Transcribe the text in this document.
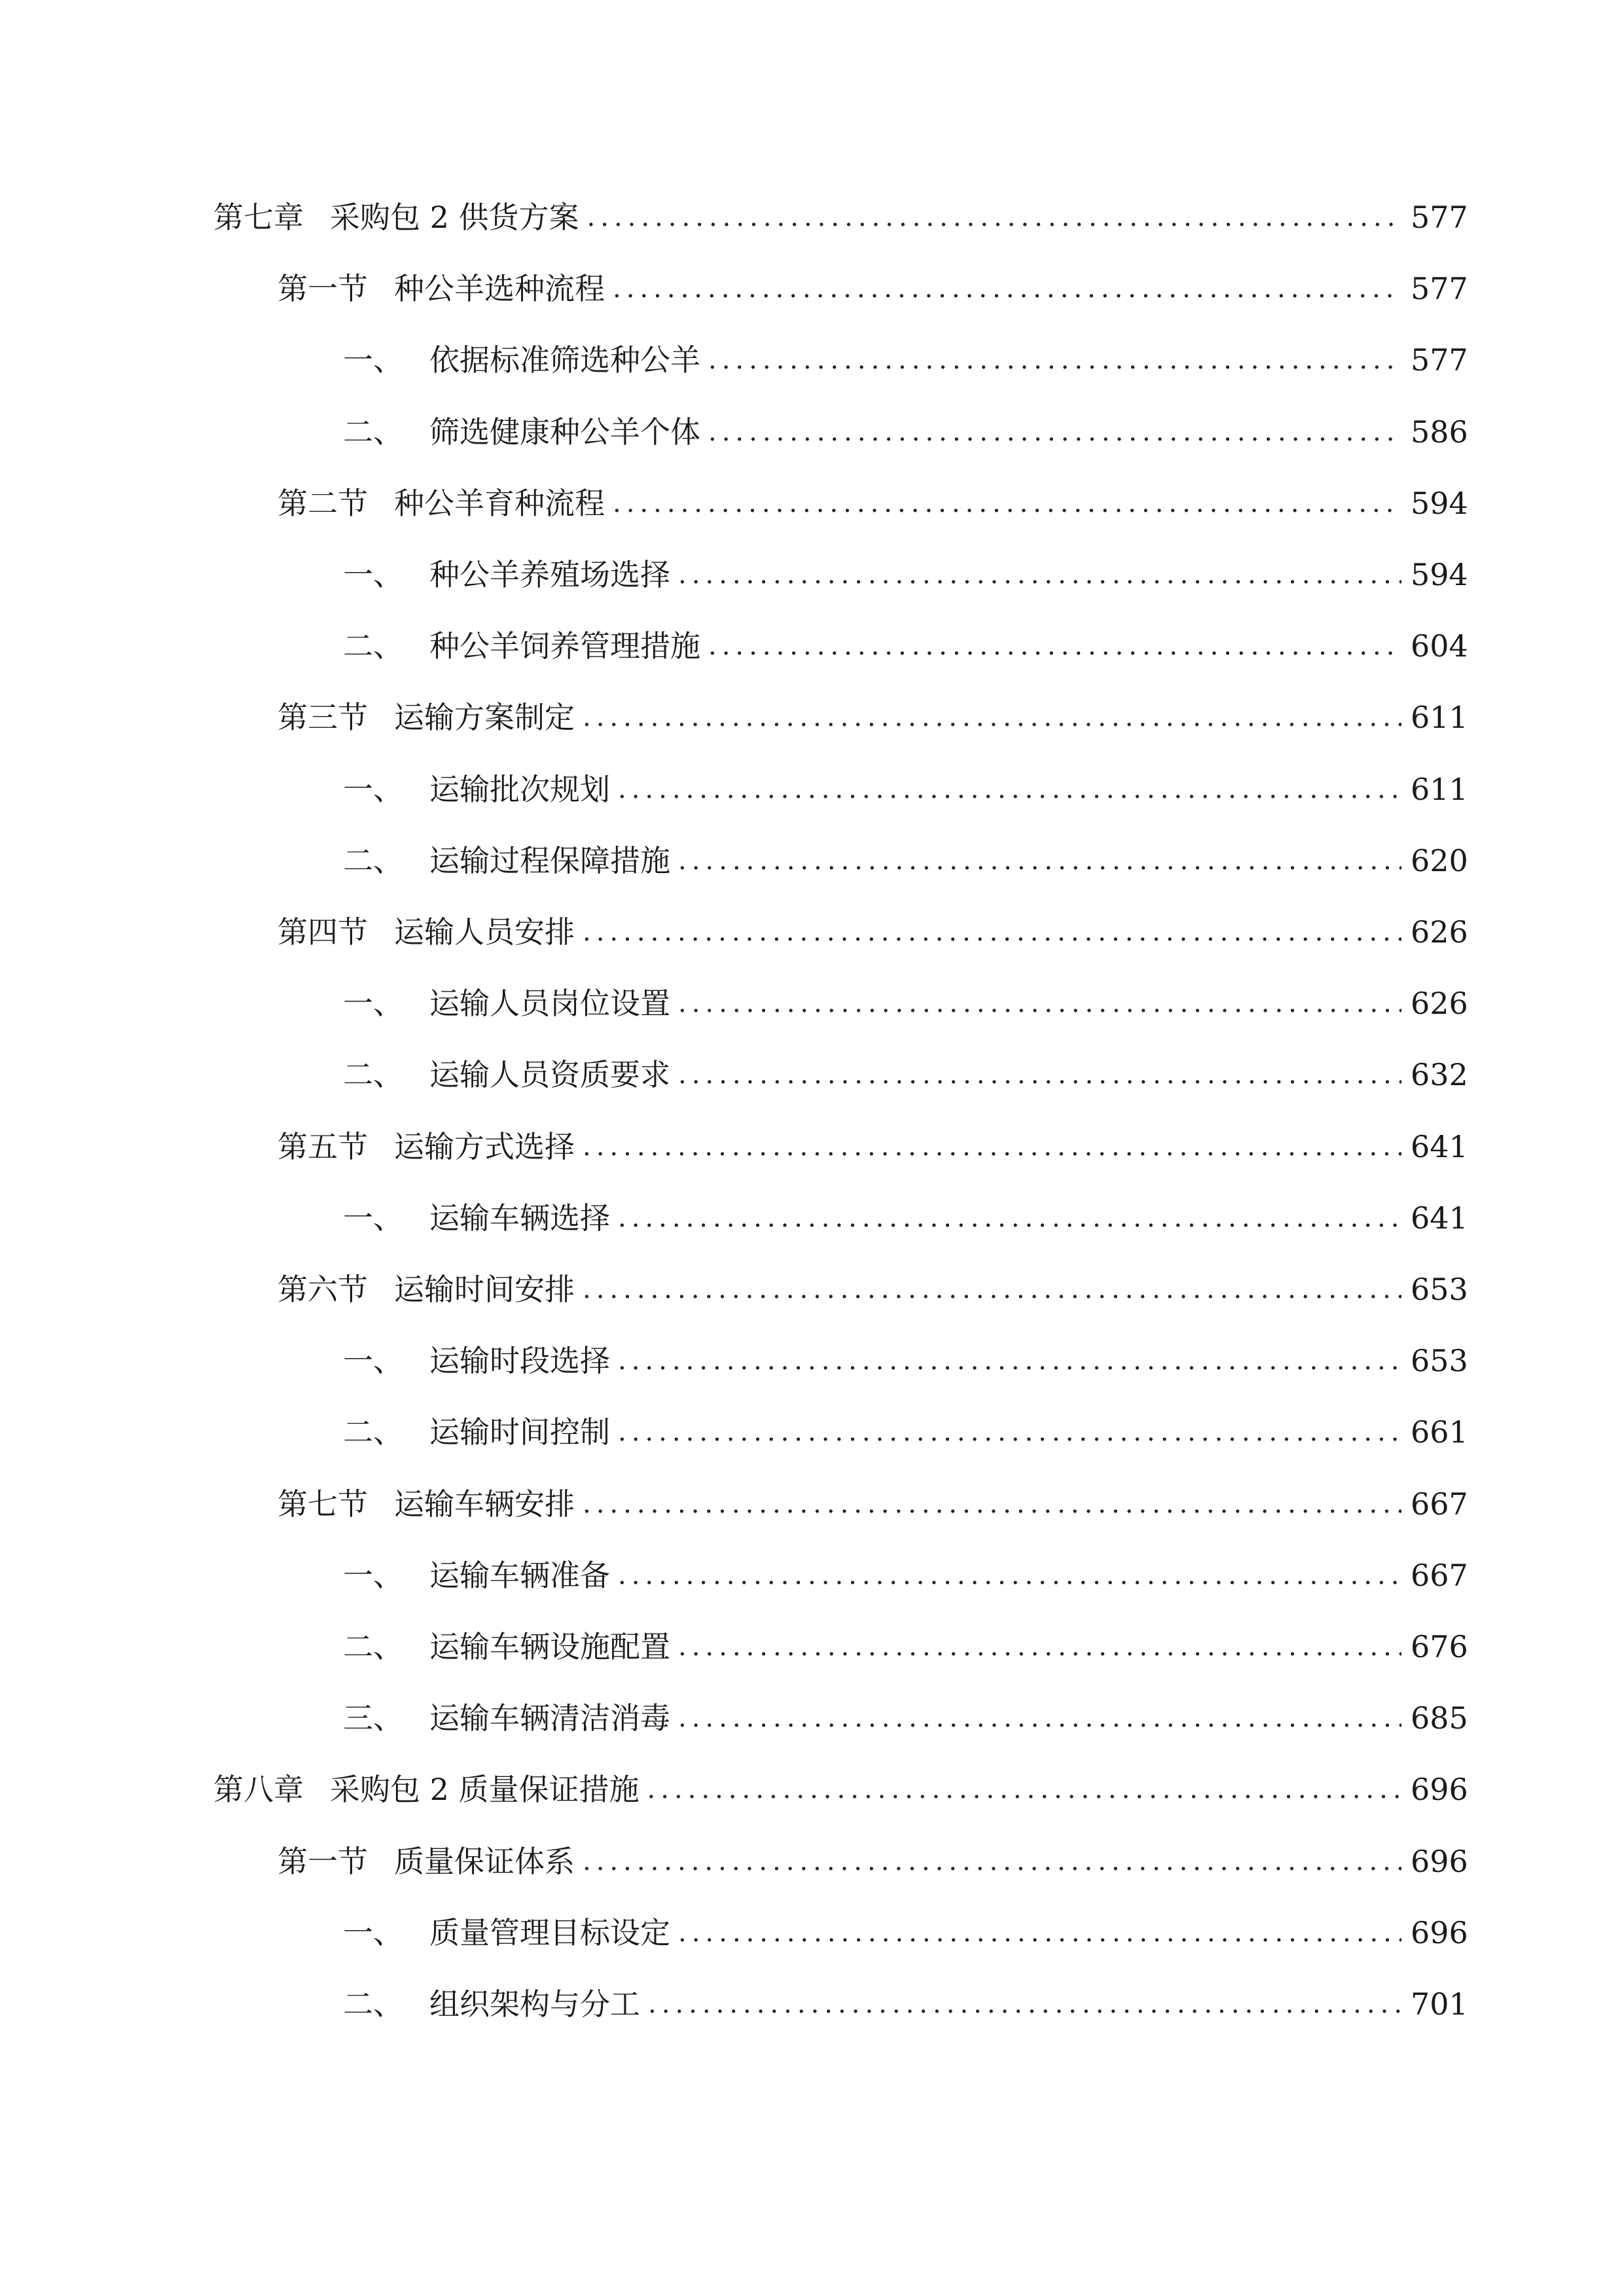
第七章 采购包 2 供货方案 .....	577
第一节 种公羊选种流程 .....	577
一、 依据标准筛选种公羊 .....	577
二、 筛选健康种公羊个体 .....	586
第二节 种公羊育种流程 .....	594
一、 种公羊养殖场选择 .....	594
二、 种公羊饲养管理措施 .....	604
第三节 运输方案制定 .....	611
一、 运输批次规划 .....	611
二、 运输过程保障措施 .....	620
第四节 运输人员安排 .....	626
一、 运输人员岗位设置 .....	626
二、 运输人员资质要求 .....	632
第五节 运输方式选择 .....	641
一、 运输车辆选择 .....	641
第六节 运输时间安排 .....	653
一、 运输时段选择 .....	653
二、 运输时间控制 .....	661
第七节 运输车辆安排 .....	667
一、 运输车辆准备 .....	667
二、 运输车辆设施配置 .....	676
三、 运输车辆清洁消毒 .....	685
第八章 采购包 2 质量保证措施 .....	696
第一节 质量保证体系 .....	696
一、 质量管理目标设定 .....	696
二、 组织架构与分工 .....	701
